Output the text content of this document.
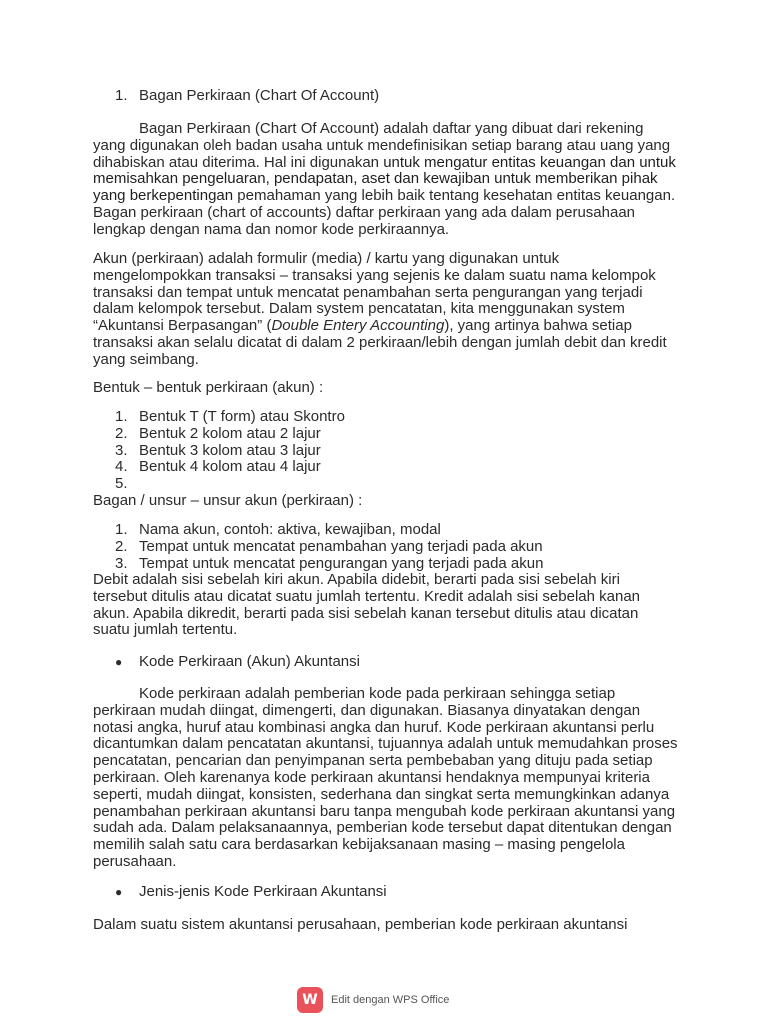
1. Bagan Perkiraan (Chart Of Account)

Bagan Perkiraan (Chart Of Account) adalah daftar yang dibuat dari rekening yang digunakan oleh badan usaha untuk mendefinisikan setiap barang atau uang yang dihabiskan atau diterima. Hal ini digunakan untuk mengatur entitas keuangan dan untuk memisahkan pengeluaran, pendapatan, aset dan kewajiban untuk memberikan pihak yang berkepentingan pemahaman yang lebih baik tentang kesehatan entitas keuangan. Bagan perkiraan (chart of accounts) daftar perkiraan yang ada dalam perusahaan lengkap dengan nama dan nomor kode perkiraannya.

Akun (perkiraan) adalah formulir (media) / kartu yang digunakan untuk mengelompokkan transaksi – transaksi yang sejenis ke dalam suatu nama kelompok transaksi dan tempat untuk mencatat penambahan serta pengurangan yang terjadi dalam kelompok tersebut. Dalam system pencatatan, kita menggunakan system “Akuntansi Berpasangan” (Double Entery Accounting), yang artinya bahwa setiap transaksi akan selalu dicatat di dalam 2 perkiraan/lebih dengan jumlah debit dan kredit yang seimbang.

Bentuk – bentuk perkiraan (akun) :

1. Bentuk T (T form) atau Skontro
2. Bentuk 2 kolom atau 2 lajur
3. Bentuk 3 kolom atau 3 lajur
4. Bentuk 4 kolom atau 4 lajur
5.

Bagan / unsur – unsur akun (perkiraan) :

1. Nama akun, contoh: aktiva, kewajiban, modal
2. Tempat untuk mencatat penambahan yang terjadi pada akun
3. Tempat untuk mencatat pengurangan yang terjadi pada akun

Debit adalah sisi sebelah kiri akun. Apabila didebit, berarti pada sisi sebelah kiri tersebut ditulis atau dicatat suatu jumlah tertentu. Kredit adalah sisi sebelah kanan akun. Apabila dikredit, berarti pada sisi sebelah kanan tersebut ditulis atau dicatan suatu jumlah tertentu.

● Kode Perkiraan (Akun) Akuntansi

Kode perkiraan adalah pemberian kode pada perkiraan sehingga setiap perkiraan mudah diingat, dimengerti, dan digunakan. Biasanya dinyatakan dengan notasi angka, huruf atau kombinasi angka dan huruf. Kode perkiraan akuntansi perlu dicantumkan dalam pencatatan akuntansi, tujuannya adalah untuk memudahkan proses pencatatan, pencarian dan penyimpanan serta pembebaban yang dituju pada setiap perkiraan. Oleh karenanya kode perkiraan akuntansi hendaknya mempunyai kriteria seperti, mudah diingat, konsisten, sederhana dan singkat serta memungkinkan adanya penambahan perkiraan akuntansi baru tanpa mengubah kode perkiraan akuntansi yang sudah ada. Dalam pelaksanaannya, pemberian kode tersebut dapat ditentukan dengan memilih salah satu cara berdasarkan kebijaksanaan masing – masing pengelola perusahaan.

● Jenis-jenis Kode Perkiraan Akuntansi

Dalam suatu sistem akuntansi perusahaan, pemberian kode perkiraan akuntansi

W	Edit dengan WPS Office
